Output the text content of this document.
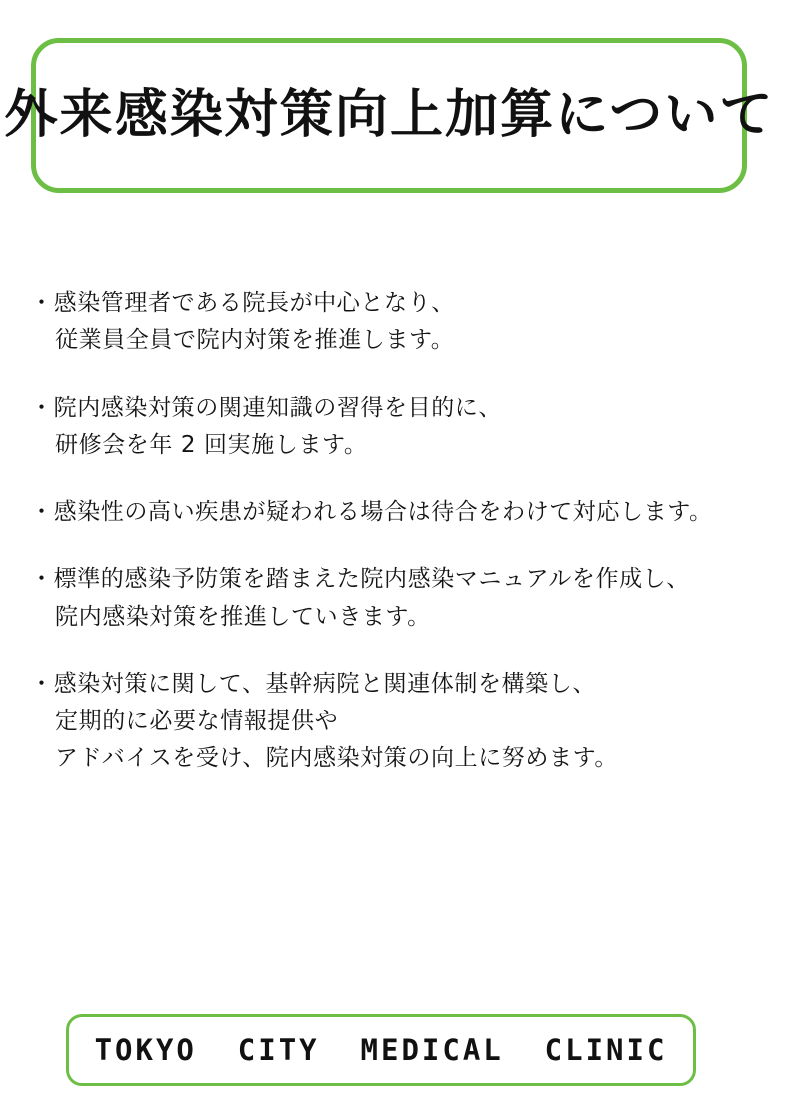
外来感染対策向上加算について
・感染管理者である院長が中心となり、
従業員全員で院内対策を推進します。
・院内感染対策の関連知識の習得を目的に、
研修会を年 2 回実施します。
・感染性の高い疾患が疑われる場合は待合をわけて対応します。
・標準的感染予防策を踏まえた院内感染マニュアルを作成し、
院内感染対策を推進していきます。
・感染対策に関して、基幹病院と関連体制を構築し、
定期的に必要な情報提供や
アドバイスを受け、院内感染対策の向上に努めます。
TOKYO  CITY  MEDICAL  CLINIC
